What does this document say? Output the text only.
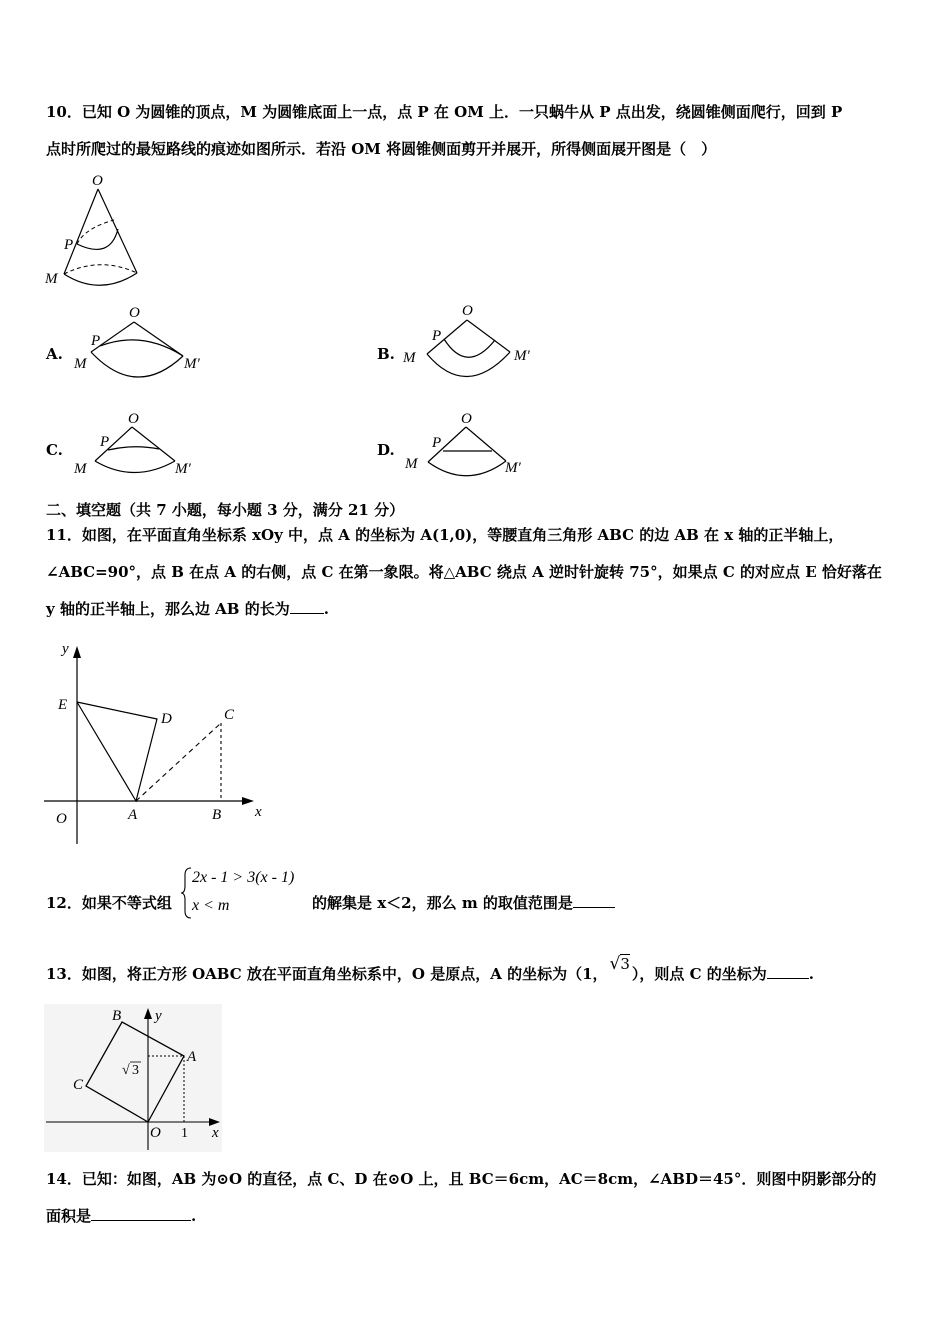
10．已知 O 为圆锥的顶点，M 为圆锥底面上一点，点 P 在 OM 上．一只蜗牛从 P 点出发，绕圆锥侧面爬行，回到 P
点时所爬过的最短路线的痕迹如图所示．若沿 OM 将圆锥侧面剪开并展开，所得侧面展开图是（　）
O
P
M
A.
O
P
M	M′
B.
O
P
M	M′
C.
O
P
M	M′
D.
O
P
M	M′
二、填空题（共 7 小题，每小题 3 分，满分 21 分）
11．如图，在平面直角坐标系 xOy 中，点 A 的坐标为 A(1,0)，等腰直角三角形 ABC 的边 AB 在 x 轴的正半轴上，
∠ABC=90°，点 B 在点 A 的右侧，点 C 在第一象限。将△ABC 绕点 A 逆时针旋转 75°，如果点 C 的对应点 E 恰好落在
y 轴的正半轴上，那么边 AB 的长为 .
y
x
O	A	B
C
D
E
12．如果不等式组
2x - 1 > 3(x - 1)
x < m	的解集是 x＜2，那么 m 的取值范围是
13．如图，将正方形 OABC 放在平面直角坐标系中，O 是原点，A 的坐标为（1， √3），则点 C 的坐标为	.
B y
A
C
O 1 x
√ 3
14．已知：如图，AB 为⊙O 的直径，点 C、D 在⊙O 上，且 BC＝6cm，AC＝8cm，∠ABD＝45°．则图中阴影部分的
面积是	.
